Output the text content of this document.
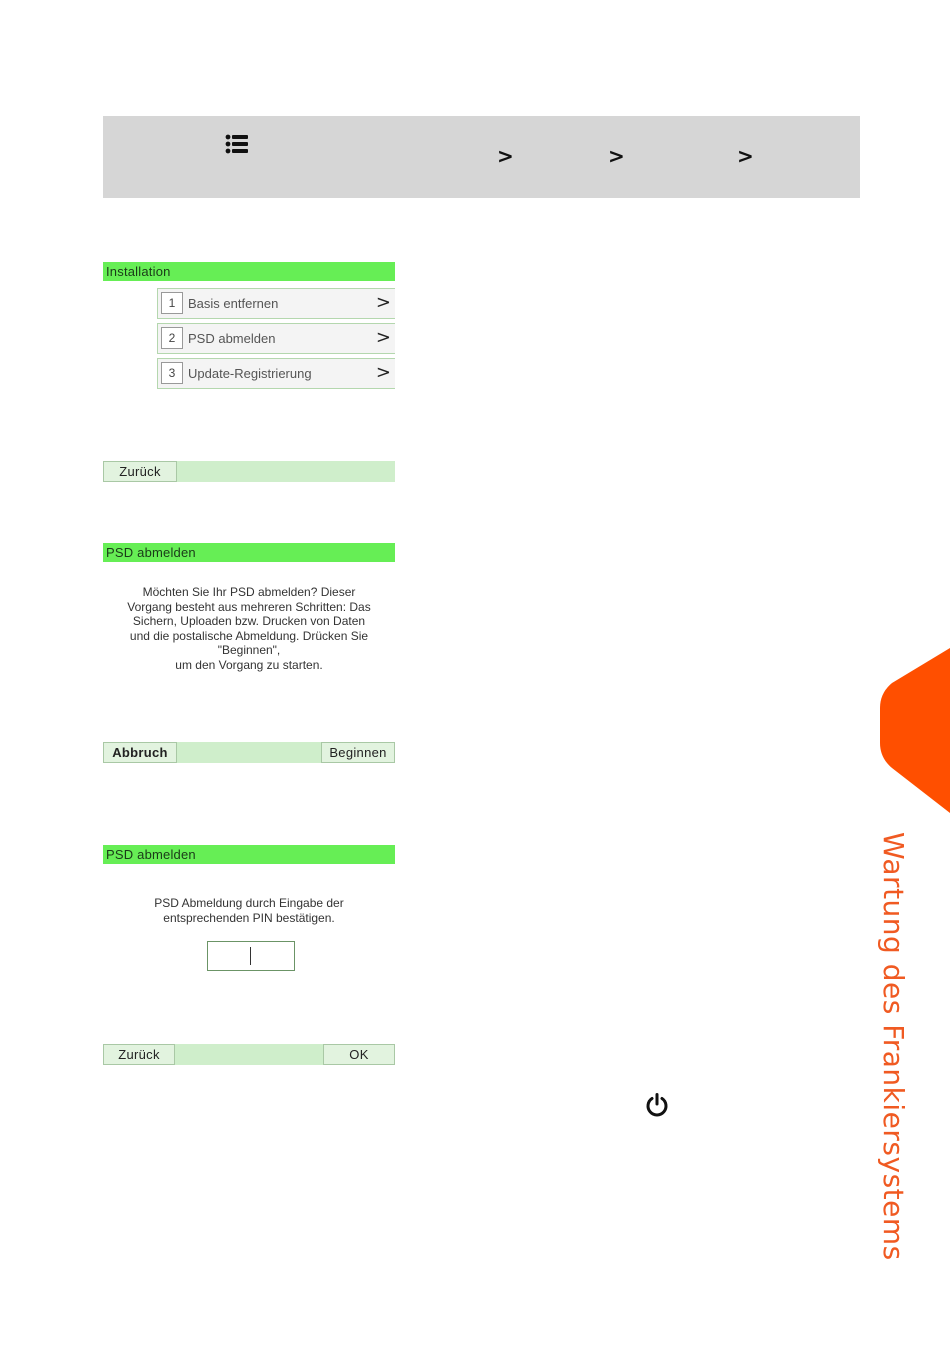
>	>	>
Installation
1 Basis entfernen	>
2 PSD abmelden	>
3 Update-Registrierung	>
Zurück
PSD abmelden
Möchten Sie Ihr PSD abmelden? Dieser
Vorgang besteht aus mehreren Schritten: Das
Sichern, Uploaden bzw. Drucken von Daten
und die postalische Abmeldung. Drücken Sie
"Beginnen",
um den Vorgang zu starten.
Abbruch	Beginnen
PSD abmelden
PSD Abmeldung durch Eingabe der
entsprechenden PIN bestätigen.
Zurück	OK	Wartung des Frankiersystems
